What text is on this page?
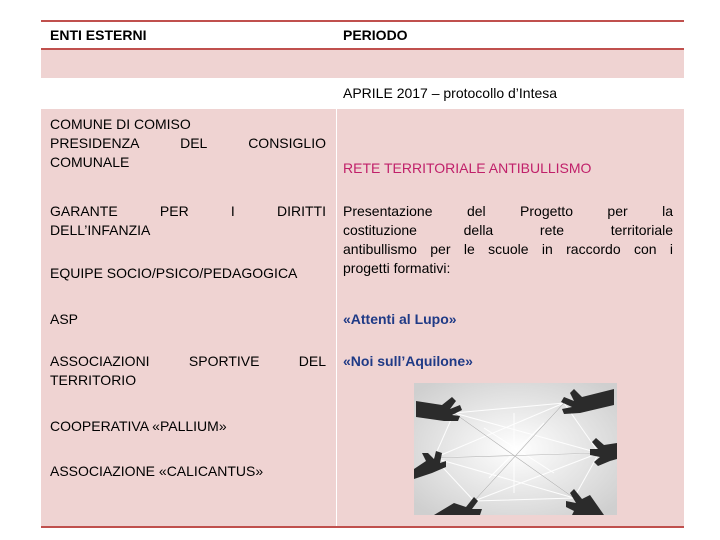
ENTI ESTERNI	PERIODO
APRILE 2017 – protocollo d’Intesa
COMUNE DI COMISO
PRESIDENZA DEL CONSIGLIO
COMUNALE
GARANTE PER I DIRITTI
DELL’INFANZIA
EQUIPE SOCIO/PSICO/PEDAGOGICA
ASP
ASSOCIAZIONI SPORTIVE DEL
TERRITORIO
COOPERATIVA «PALLIUM»
ASSOCIAZIONE «CALICANTUS»
RETE TERRITORIALE ANTIBULLISMO
Presentazione del Progetto per la
costituzione della rete territoriale
antibullismo per le scuole in raccordo con i
progetti formativi:
«Attenti al Lupo»
«Noi sull’Aquilone»
